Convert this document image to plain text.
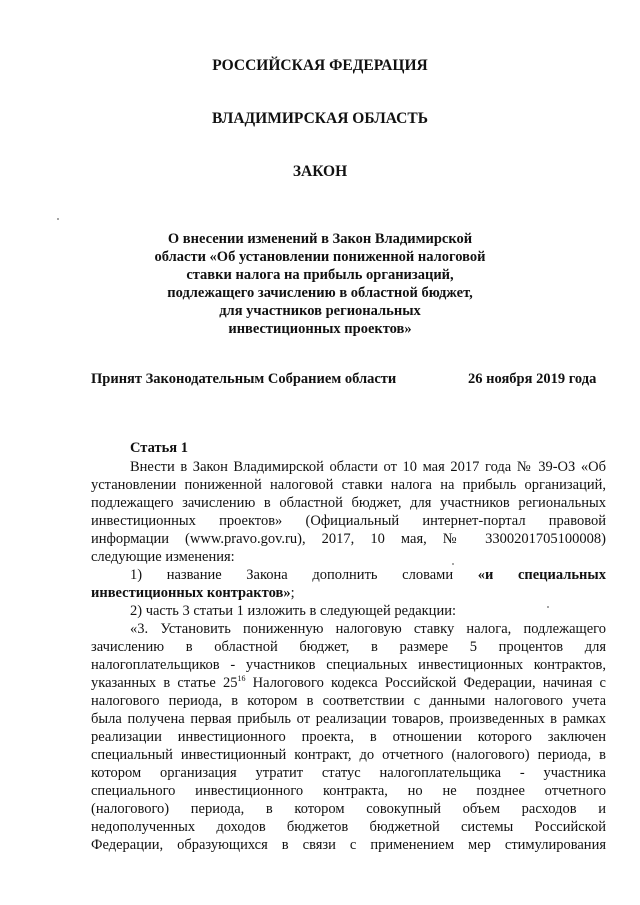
РОССИЙСКАЯ ФЕДЕРАЦИЯ
ВЛАДИМИРСКАЯ ОБЛАСТЬ
ЗАКОН
О внесении изменений в Закон Владимирской
области «Об установлении пониженной налоговой
ставки налога на прибыль организаций,
подлежащего зачислению в областной бюджет,
для участников региональных
инвестиционных проектов»
Принят Законодательным Собранием области	26 ноября 2019 года
Статья 1
Внести в Закон Владимирской области от 10 мая 2017 года № 39-ОЗ «Об
установлении пониженной налоговой ставки налога на прибыль организаций,
подлежащего зачислению в областной бюджет, для участников региональных
инвестиционных проектов» (Официальный интернет-портал правовой
информации (www.pravo.gov.ru), 2017, 10 мая, № 3300201705100008)
следующие изменения:
1) название Закона дополнить словами «и специальных
инвестиционных контрактов»;
2) часть 3 статьи 1 изложить в следующей редакции:
«3. Установить пониженную налоговую ставку налога, подлежащего
зачислению в областной бюджет, в размере 5 процентов для
налогоплательщиков - участников специальных инвестиционных контрактов,
указанных в статье $25^{16}$ Налогового кодекса Российской Федерации, начиная с
налогового периода, в котором в соответствии с данными налогового учета
была получена первая прибыль от реализации товаров, произведенных в рамках
реализации инвестиционного проекта, в отношении которого заключен
специальный инвестиционный контракт, до отчетного (налогового) периода, в
котором организация утратит статус налогоплательщика - участника
специального инвестиционного контракта, но не позднее отчетного
(налогового) периода, в котором совокупный объем расходов и
недополученных доходов бюджетов бюджетной системы Российской
Федерации, образующихся в связи с применением мер стимулирования
